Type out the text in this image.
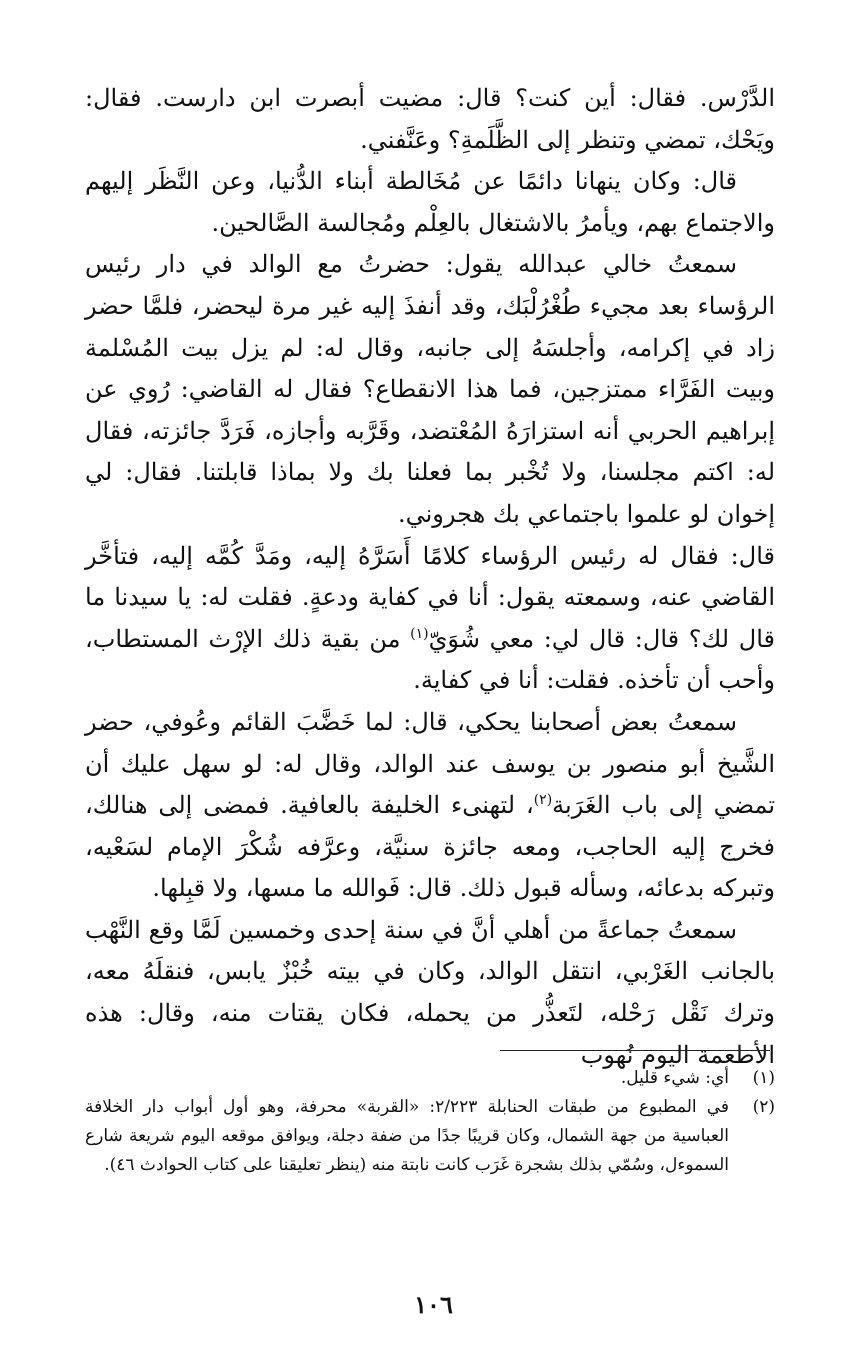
الدَّرْس. فقال: أين كنت؟ قال: مضيت أبصرت ابن دارست. فقال: ويَحْك، تمضي وتنظر إلى الظَّلَمةِ؟ وعَنَّفني.

قال: وكان ينهانا دائمًا عن مُخَالطة أبناء الدُّنيا، وعن النَّظَر إليهم والاجتماع بهم، ويأمرُ بالاشتغال بالعِلْم ومُجالسة الصَّالحين.

سمعتُ خالي عبدالله يقول: حضرتُ مع الوالد في دار رئيس الرؤساء بعد مجيء طُغْرُلْبَك، وقد أنفذَ إليه غير مرة ليحضر، فلمَّا حضر زاد في إكرامه، وأجلسَهُ إلى جانبه، وقال له: لم يزل بيت المُسْلمة وبيت الفَرَّاء ممتزجين، فما هذا الانقطاع؟ فقال له القاضي: رُوي عن إبراهيم الحربي أنه استزارَهُ المُعْتضد، وقَرَّبه وأجازه، فَرَدَّ جائزته، فقال له: اكتم مجلسنا، ولا تُخْبر بما فعلنا بك ولا بماذا قابلتنا. فقال: لي إخوان لو علموا باجتماعي بك هجروني.

قال: فقال له رئيس الرؤساء كلامًا أَسَرَّهُ إليه، ومَدَّ كُمَّه إليه، فتأخَّر القاضي عنه، وسمعته يقول: أنا في كفاية ودعةٍ. فقلت له: يا سيدنا ما قال لك؟ قال: قال لي: معي شُوَيّ$^{(١)}$ من بقية ذلك الإرْث المستطاب، وأحب أن تأخذه. فقلت: أنا في كفاية.

سمعتُ بعض أصحابنا يحكي، قال: لما خَضَّبَ القائم وعُوفي، حضر الشَّيخ أبو منصور بن يوسف عند الوالد، وقال له: لو سهل عليك أن تمضي إلى باب الغَرَبة$^{(٢)}$، لتهنىء الخليفة بالعافية. فمضى إلى هنالك، فخرج إليه الحاجب، ومعه جائزة سنيَّة، وعرَّفه شُكْرَ الإمام لسَعْيه، وتبركه بدعائه، وسأله قبول ذلك. قال: فَوالله ما مسها، ولا قبِلها.

سمعتُ جماعةً من أهلي أنَّ في سنة إحدى وخمسين لَمَّا وقع النَّهْب بالجانب الغَرْبي، انتقل الوالد، وكان في بيته خُبْزٌ يابس، فنقلَهُ معه، وترك نَقْل رَحْله، لتَعذُّر من يحمله، فكان يقتات منه، وقال: هذه الأطعمة اليوم نُهوب

(١)
أي: شيء قليل.
(٢)
في المطبوع من طبقات الحنابلة ٢/٢٢٣: «القربة» محرفة، وهو أول أبواب دار الخلافة العباسية من جهة الشمال، وكان قريبًا جدًا من ضفة دجلة، ويوافق موقعه اليوم شريعة شارع السموءل، وسُمّي بذلك بشجرة غَرَب كانت نابتة منه (ينظر تعليقنا على كتاب الحوادث ٤٦).
١٠٦
